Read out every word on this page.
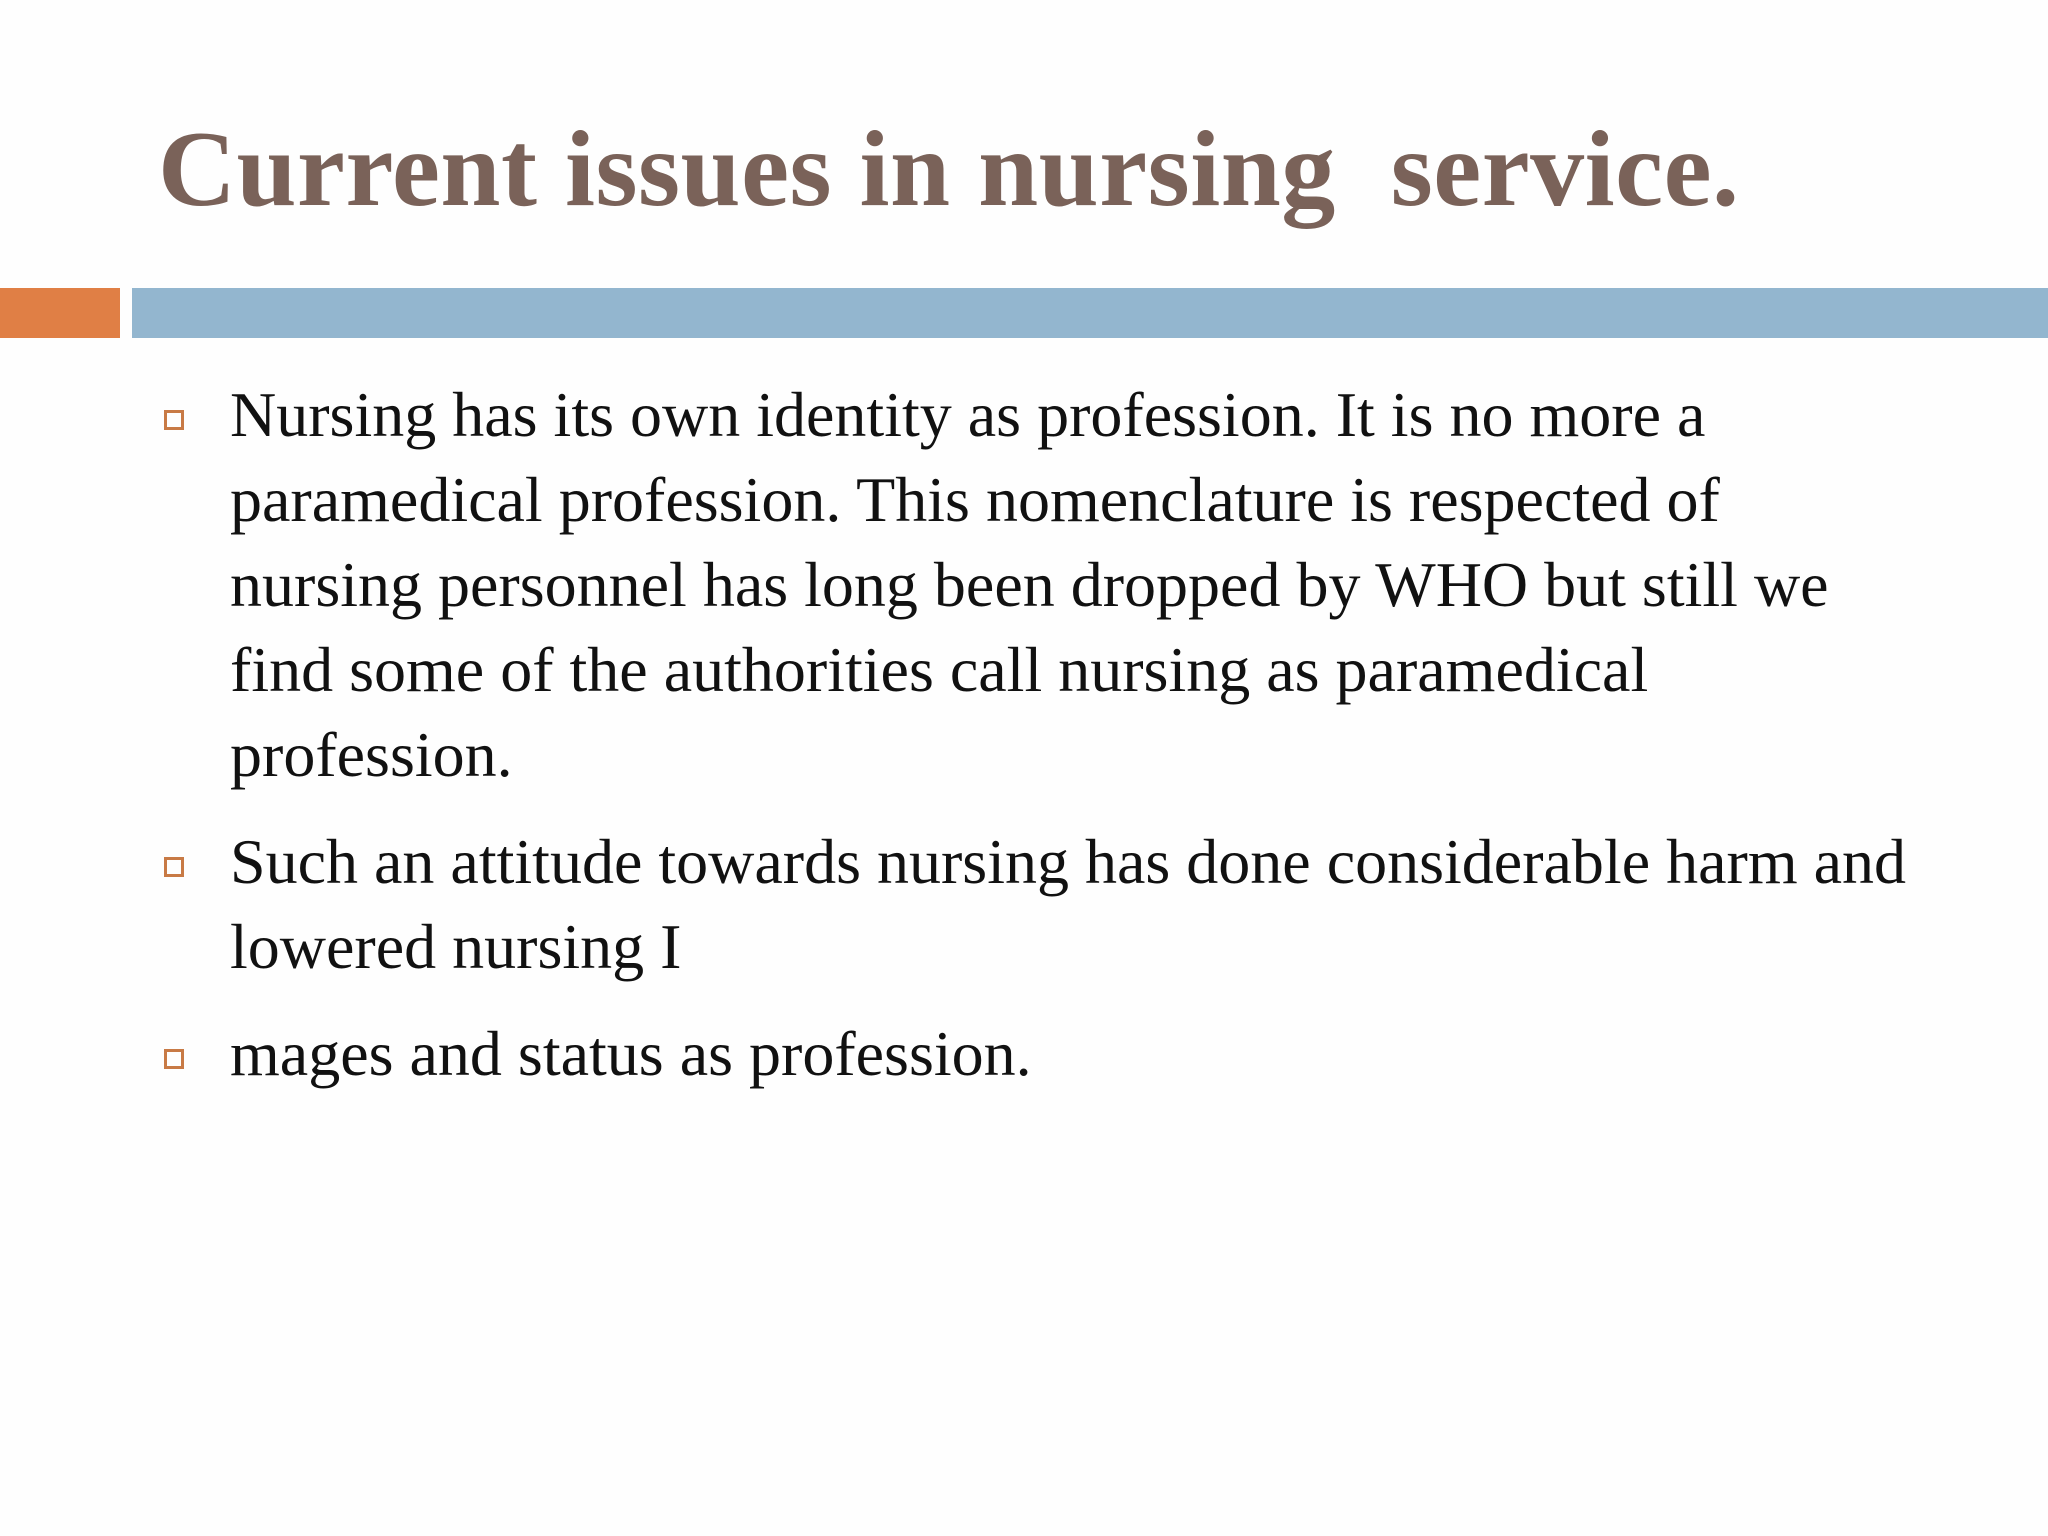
Current issues in nursing  service.
Nursing has its own identity as profession. It is no more a paramedical profession. This nomenclature is respected of nursing personnel has long been dropped by WHO but still we find some of the authorities call nursing as paramedical profession.
Such an attitude towards nursing has done considerable harm and lowered nursing I
mages and status as profession.
